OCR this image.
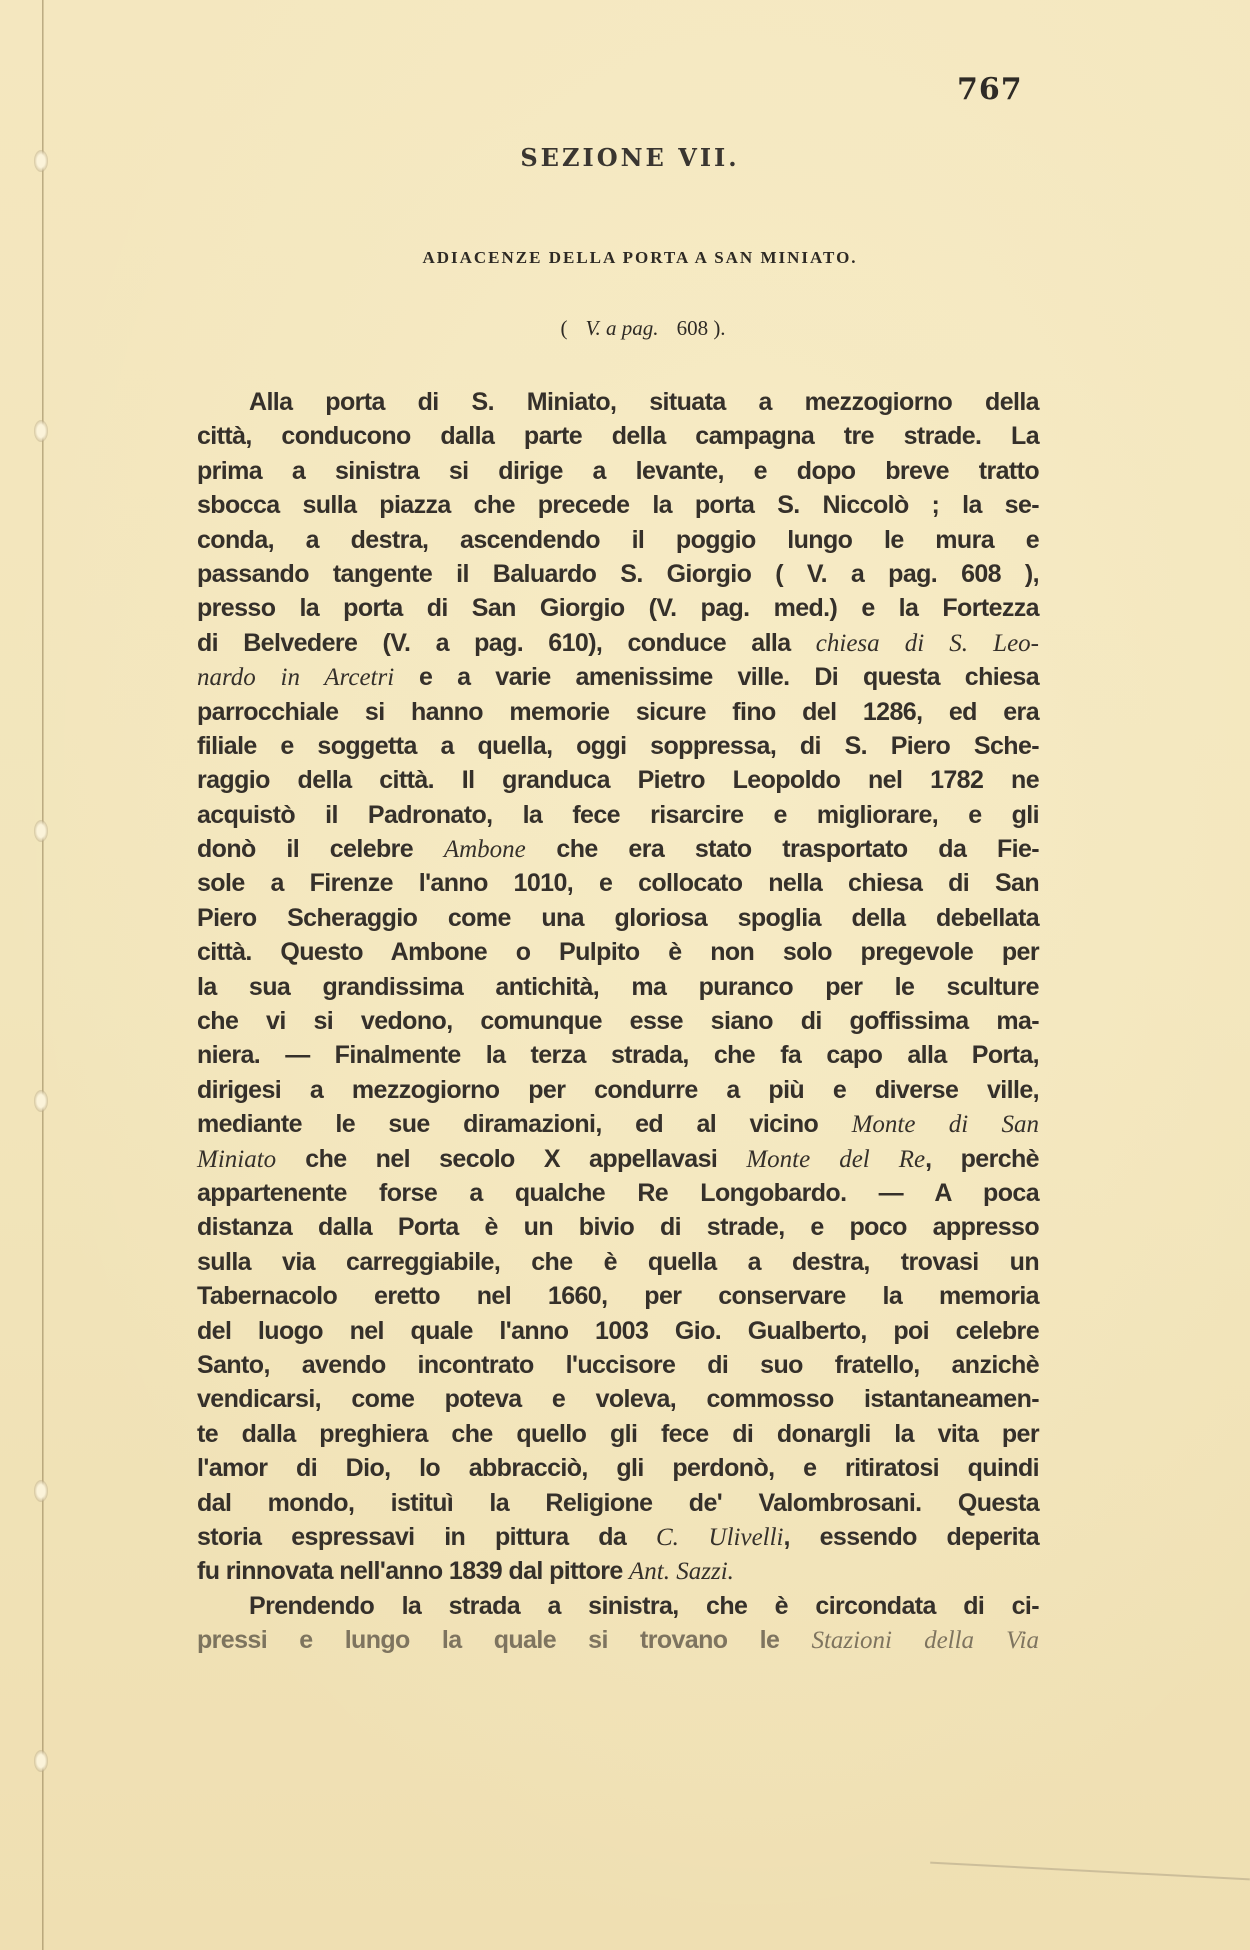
767
SEZIONE VII.
ADIACENZE DELLA PORTA A SAN MINIATO.
(V. a pag.608 ).
Alla porta di S. Miniato, situata a mezzogiorno della
città, conducono dalla parte della campagna tre strade. La
prima a sinistra si dirige a levante, e dopo breve tratto
sbocca sulla piazza che precede la porta S. Niccolò ; la se-
conda, a destra, ascendendo il poggio lungo le mura e
passando tangente il Baluardo S. Giorgio ( V. a pag. 608 ),
presso la porta di San Giorgio (V. pag. med.) e la Fortezza
di Belvedere (V. a pag. 610), conduce alla chiesa di S. Leo-
nardo in Arcetri e a varie amenissime ville. Di questa chiesa
parrocchiale si hanno memorie sicure fino del 1286, ed era
filiale e soggetta a quella, oggi soppressa, di S. Piero Sche-
raggio della città. Il granduca Pietro Leopoldo nel 1782 ne
acquistò il Padronato, la fece risarcire e migliorare, e gli
donò il celebre Ambone che era stato trasportato da Fie-
sole a Firenze l'anno 1010, e collocato nella chiesa di San
Piero Scheraggio come una gloriosa spoglia della debellata
città. Questo Ambone o Pulpito è non solo pregevole per
la sua grandissima antichità, ma puranco per le sculture
che vi si vedono, comunque esse siano di goffissima ma-
niera. — Finalmente la terza strada, che fa capo alla Porta,
dirigesi a mezzogiorno per condurre a più e diverse ville,
mediante le sue diramazioni, ed al vicino Monte di San
Miniato che nel secolo X appellavasi Monte del Re, perchè
appartenente forse a qualche Re Longobardo. — A poca
distanza dalla Porta è un bivio di strade, e poco appresso
sulla via carreggiabile, che è quella a destra, trovasi un
Tabernacolo eretto nel 1660, per conservare la memoria
del luogo nel quale l'anno 1003 Gio. Gualberto, poi celebre
Santo, avendo incontrato l'uccisore di suo fratello, anzichè
vendicarsi, come poteva e voleva, commosso istantaneamen-
te dalla preghiera che quello gli fece di donargli la vita per
l'amor di Dio, lo abbracciò, gli perdonò, e ritiratosi quindi
dal mondo, istituì la Religione de' Valombrosani. Questa
storia espressavi in pittura da C. Ulivelli, essendo deperita
fu rinnovata nell'anno 1839 dal pittore Ant. Sazzi.
Prendendo la strada a sinistra, che è circondata di ci-
pressi e lungo la quale si trovano le Stazioni della Via
